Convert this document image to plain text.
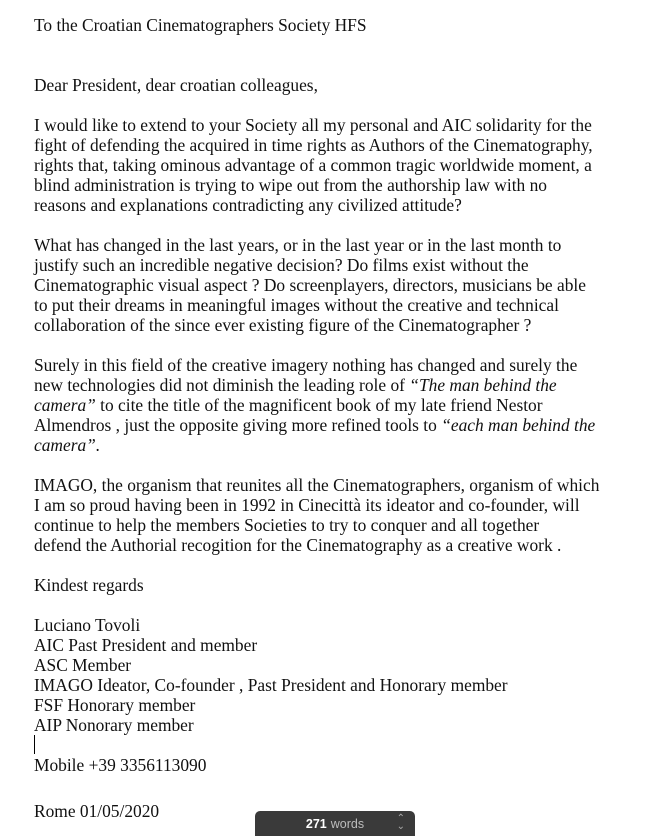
To the Croatian Cinematographers Society HFS
Dear President, dear croatian colleagues,
I would like to extend to your Society all my personal and AIC solidarity for the
fight of defending the acquired in time rights as Authors of the Cinematography,
rights that, taking ominous advantage of a common tragic worldwide moment, a
blind administration is trying to wipe out from the authorship law with no
reasons and explanations contradicting any civilized attitude?
What has changed in the last years, or in the last year or in the last month to
justify such an incredible negative decision? Do films exist without the
Cinematographic visual aspect ? Do screenplayers, directors, musicians be able
to put their dreams in meaningful images without the creative and technical
collaboration of the since ever existing figure of the Cinematographer ?
Surely in this field of the creative imagery nothing has changed and surely the
new technologies did not diminish the leading role of “The man behind the
camera” to cite the title of the magnificent book of my late friend Nestor
Almendros , just the opposite giving more refined tools to “each man behind the
camera”.
IMAGO, the organism that reunites all the Cinematographers, organism of which
I am so proud having been in 1992 in Cinecittà its ideator and co-founder, will
continue to help the members Societies to try to conquer and all together
defend the Authorial recogition for the Cinematography as a creative work .
Kindest regards
Luciano Tovoli
AIC Past President and member
ASC Member
IMAGO Ideator, Co-founder , Past President and Honorary member
FSF Honorary member
AIP Nonorary member
Mobile +39 3356113090
Rome 01/05/2020
271 words	⌃
⌄
